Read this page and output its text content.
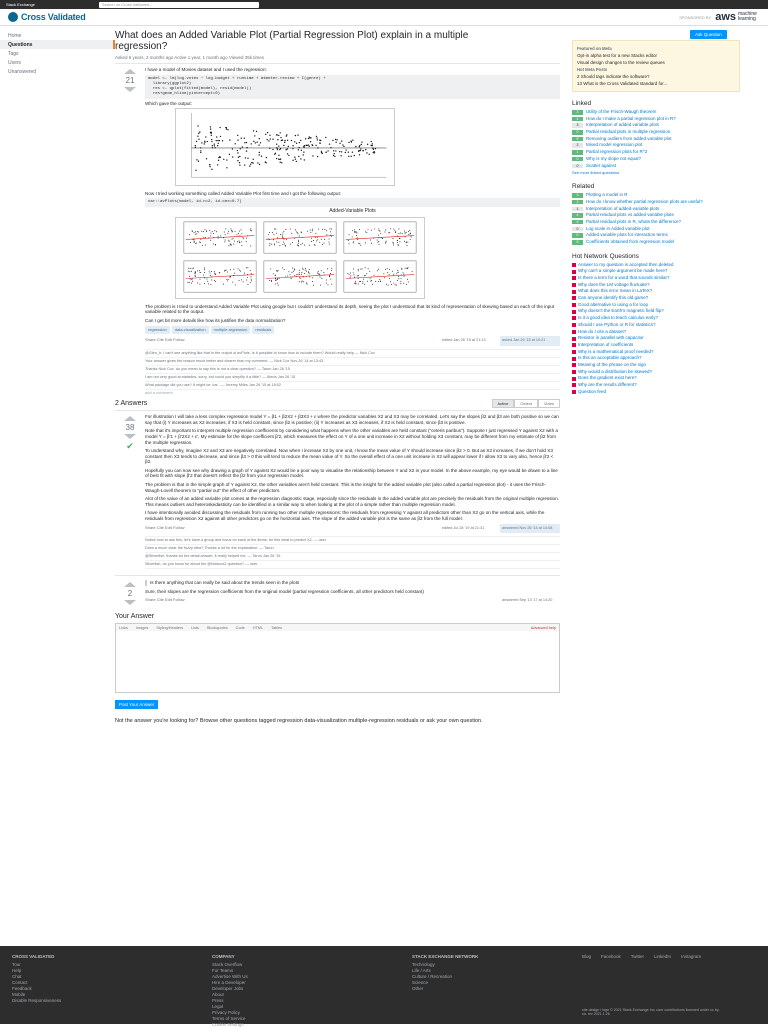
Stack Exchange	Search on Cross Validated...
Cross Validated	SPONSORED BY aws machine learning
Home
Questions
Tags
Users
Unanswered
What does an Added Variable Plot (Partial Regression Plot) explain in a multiple regression?
Asked 6 years, 2 months ago Active 1 year, 1 month ago Viewed 35k times
21
I have a model of Movies dataset and I used the regression:
model <- lm(log.votes ~ log.budget + runtime + mtmeter.review + I(genre) +
library(ggplot2)
res <- qplot(fitted(model), resid(model))
res+geom_hline(yintercept=0)
Which gave the output:
Now I tried working something called Added Variable Plot first time and I got the following output:
car::avPlots(model, id.n=2, id.cex=0.7)
Added-Variable Plots
The problem is I tried to understand Added Variable Plot using google but I couldn't understand its depth, seeing the plot I understood that its kind of representation of skewing based on each of the input variable related to the output.
Can I get bit more details like how its justifies the data normalization?
regression data-visualization multiple-regression residuals
asked Jan 26 '15 at 10:21
edited Jan 26 '15 at 21:13
Share Cite Edit Follow
@Glen_b: I can't see anything like that in the output of avPlots. Is it possible to know how to include them? Would really help — Nick Cox
Your answer gives the reason much better and clearer than my comment. — Nick Cox Nov 26 '14 at 13:43
Thanks Nick Cox, do you mean to say this is not a clear question? — Tarun Jan 26 '15
I am not very good at statistics, sorry, but could you simplify it a little? — Alexis Jan 26 '15
What package did you use? It might be 'car'. — Jeremy Miles Jan 26 '15 at 18:02
add a comment
2 Answers	Active	Oldest	Votes
38
✔

For illustration I will take a less complex regression model Y = β1 + β2X2 + β3X3 + ε where the predictor variables X2 and X3 may be correlated. Let's say the slopes β2 and β3 are both positive so we can say that (i) Y increases as X2 increases, if X3 is held constant, since β2 is positive; (ii) Y increases as X3 increases, if X2 is held constant, since β3 is positive.

Note that it's important to interpret multiple regression coefficients by considering what happens when the other variables are held constant ("ceteris paribus"). Suppose I just regressed Y against X2 with a model Y = β'1 + β'2X2 + ε'. My estimate for the slope coefficient β'2, which measures the effect on Y of a one unit increase in X2 without holding X3 constant, may be different from my estimate of β2 from the multiple regression.

To understand why, imagine X2 and X3 are negatively correlated. Now when I increase X2 by one unit, I know the mean value of Y should increase since β2 > 0. But as X2 increases, if we don't hold X3 constant then X3 tends to decrease, and since β3 > 0 this will tend to reduce the mean value of Y. So the overall effect of a one unit increase in X2 will appear lower if I allow X3 to vary also, hence β'2 < β2.

Hopefully you can now see why drawing a graph of Y against X2 would be a poor way to visualise the relationship between Y and X2 in your model. In the above example, my eye would be drawn to a line of best fit with slope β'2 that doesn't reflect the β2 from your regression model.

The problem is that in the simple graph of Y against X2, the other variables aren't held constant. This is the insight for the added variable plot (also called a partial regression plot) - it uses the Frisch-Waugh-Lovell theorem to "partial out" the effect of other predictors.

Alot of the value of an added variable plot comes at the regression diagnostic stage, especially since the residuals in the added variable plot are precisely the residuals from the original multiple regression. This means outliers and heteroskedasticity can be identified in a similar way to when looking at the plot of a simple rather than multiple regression model.

I have intentionally avoided discussing the residuals from running two other multiple regressions: the residuals from regressing Y against all predictors other than X2 go on the vertical axis, while the residuals from regression X2 against all other predictors go on the horizontal axis. The slope of the added variable plot is the same as β2 from the full model.

answered Nov 26 '14 at 14:08
edited Jul 28 '19 at 21:31
Share Cite Edit Follow
Notice how to ask this, let's have a group and focus on each of the items: for this what to predict X2. — user
Does a much clear the fuzzy idea? Thanks a lot for the explanation. — Tarun
@Silverfish, thanks for the detail answer, it really helped me. — Tarun Jan 26 '15
Silverfish, do you know for about the @Nickcox2 question? — user
2

Is there anything that can really be said about the trends seen in the plots

Sure, their slopes are the regression coefficients from the original model (partial regression coefficients, all other predictors held constant)

answered Sep 13 '17 at 14:20
Share Cite Edit Follow
Your Answer
Links Images Styling/Headers Lists Blockquotes Code HTML Tables	Advanced help
Post Your Answer
Not the answer you're looking for? Browse other questions tagged regression data-visualization multiple-regression residuals or ask your own question.
Ask Question
Featured on Meta
Opt-in alpha test for a new Stacks editor
Visual design changes to the review queues
Hot Meta Posts
2 Should tags indicate the software?
13 What is the Cross Validated standard for...
Linked
3	Utility of the Frisch-Waugh theorem
1	How do I make a partial regression plot in R?
3	Interpretation of added variable plots
0	Partial residual plots in multiple regression
5	Removing outliers from added variable plot
2	Mixed model regression plot
1	Partial regression plots for R^2
0	Why is my slope not equal?
0	Scatter against
See more linked questions
Related
3	Plotting a model in R
2	How do I know whether partial regression plots are useful?
1	Interpretation of added-variable plots
4	Partial residual plots vs added variable plots
9	Partial residual plots in R, whats the difference?
0	Log scale in Added variable plot
0	Added variable plots for interaction terms
5	Coefficients obtained from regression model
Hot Network Questions
Answer to my question is accepted then deleted
Why can't a simple argument be made here?
Is there a term for a word that sounds similar?
Why does the LM voltage fluctuate?
What does this error mean in LaTeX?
Can anyone identify this old game?
Good alternative to using a for loop
Why doesn't the Earth's magnetic field flip?
Is it a good idea to teach calculus early?
Should I use Python or R for statistics?
How do I cite a dataset?
Resistor in parallel with capacitor
Interpretation of coefficients
Why is a mathematical proof needed?
Is this an acceptable approach?
Meaning of the phrase on the sign
Why would a distribution be skewed?
Does the gradient exist here?
Why are the results different?
Question feed
CROSS VALIDATED
Tour
Help
Chat
Contact
Feedback
Mobile
Disable Responsiveness
COMPANY
Stack Overflow
For Teams
Advertise With Us
Hire a Developer
Developer Jobs
About
Press
Legal
Privacy Policy
Terms of Service
Cookie Settings
STACK EXCHANGE NETWORK
Technology
Life / Arts
Culture / Recreation
Science
Other
Blog Facebook Twitter LinkedIn Instagram
site design / logo © 2021 Stack Exchange Inc; user contributions licensed under cc by-sa. rev 2021.1.26
